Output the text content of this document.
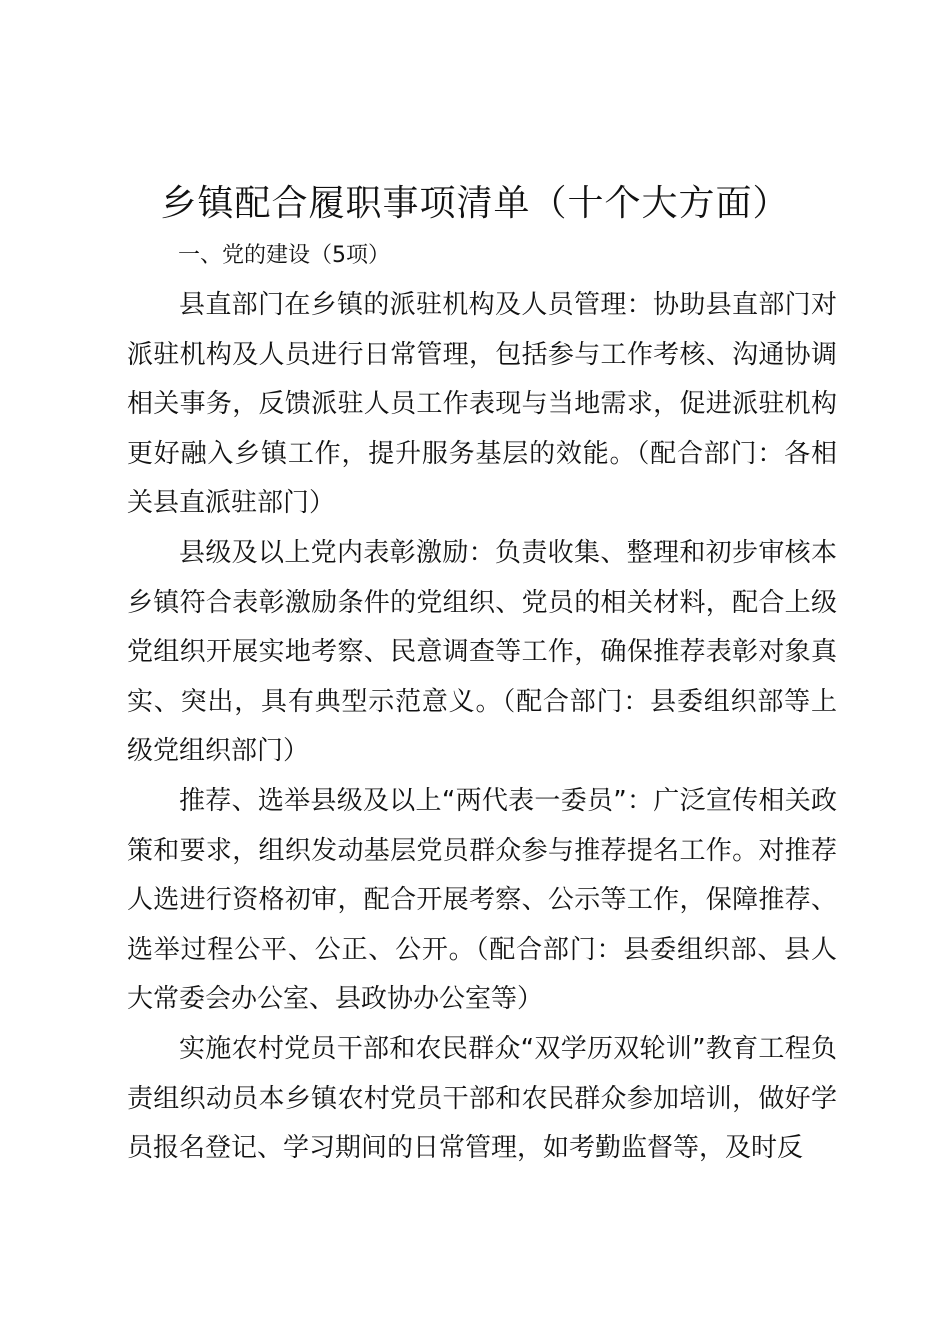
乡镇配合履职事项清单（十个大方面）
一、党的建设（5项）

县直部门在乡镇的派驻机构及人员管理：协助县直部门对派驻机构及人员进行日常管理，包括参与工作考核、沟通协调相关事务，反馈派驻人员工作表现与当地需求，促进派驻机构更好融入乡镇工作，提升服务基层的效能。（配合部门：各相关县直派驻部门）

县级及以上党内表彰激励：负责收集、整理和初步审核本乡镇符合表彰激励条件的党组织、党员的相关材料，配合上级党组织开展实地考察、民意调查等工作，确保推荐表彰对象真实、突出，具有典型示范意义。（配合部门：县委组织部等上级党组织部门）

推荐、选举县级及以上“两代表一委员”：广泛宣传相关政策和要求，组织发动基层党员群众参与推荐提名工作。对推荐人选进行资格初审，配合开展考察、公示等工作，保障推荐、选举过程公平、公正、公开。（配合部门：县委组织部、县人大常委会办公室、县政协办公室等）

实施农村党员干部和农民群众“双学历双轮训”教育工程负责组织动员本乡镇农村党员干部和农民群众参加培训，做好学员报名登记、学习期间的日常管理，如考勤监督等，及时反
